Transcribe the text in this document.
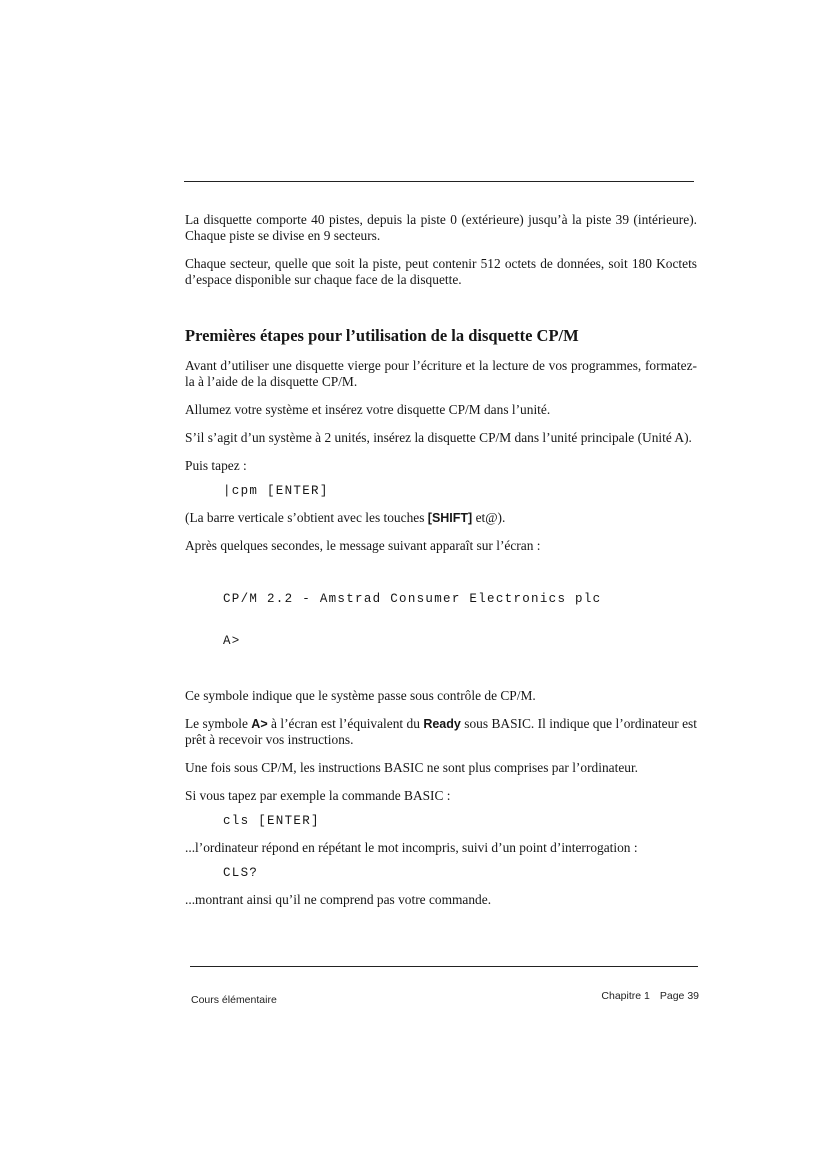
La disquette comporte 40 pistes, depuis la piste 0 (extérieure) jusqu’à la piste 39 (intérieure). Chaque piste se divise en 9 secteurs.

Chaque secteur, quelle que soit la piste, peut contenir 512 octets de données, soit 180 Koctets d’espace disponible sur chaque face de la disquette.

Premières étapes pour l’utilisation de la disquette CP/M

Avant d’utiliser une disquette vierge pour l’écriture et la lecture de vos programmes, formatez-la à l’aide de la disquette CP/M.

Allumez votre système et insérez votre disquette CP/M dans l’unité.

S’il s’agit d’un système à 2 unités, insérez la disquette CP/M dans l’unité principale (Unité A).

Puis tapez :

|cpm [ENTER]

(La barre verticale s’obtient avec les touches [SHIFT] et@).

Après quelques secondes, le message suivant apparaît sur l’écran :

CP/M 2.2 - Amstrad Consumer Electronics plc

A>

Ce symbole indique que le système passe sous contrôle de CP/M.

Le symbole A> à l’écran est l’équivalent du Ready sous BASIC. Il indique que l’ordinateur est prêt à recevoir vos instructions.

Une fois sous CP/M, les instructions BASIC ne sont plus comprises par l’ordinateur.

Si vous tapez par exemple la commande BASIC :

cls [ENTER]

...l’ordinateur répond en répétant le mot incompris, suivi d’un point d’interrogation :

CLS?

...montrant ainsi qu’il ne comprend pas votre commande.

Cours élémentaire	Chapitre 1 Page 39
